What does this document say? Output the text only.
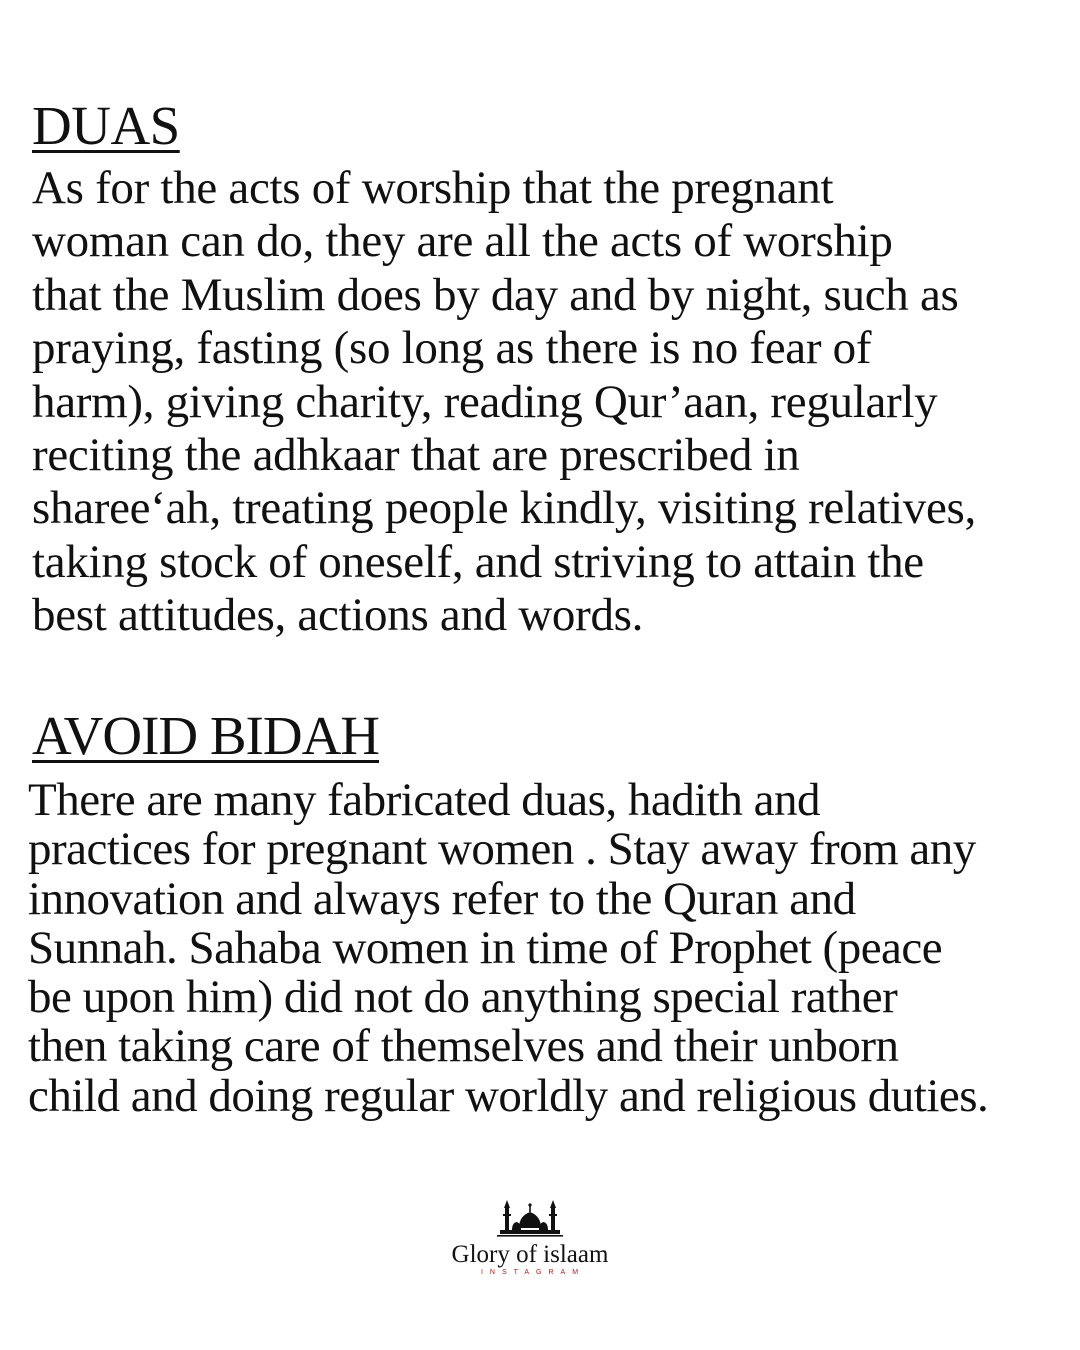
DUAS

As for the acts of worship that the pregnant
woman can do, they are all the acts of worship
that the Muslim does by day and by night, such as
praying, fasting (so long as there is no fear of
harm), giving charity, reading Qur’aan, regularly
reciting the adhkaar that are prescribed in
sharee‘ah, treating people kindly, visiting relatives,
taking stock of oneself, and striving to attain the
best attitudes, actions and words.

AVOID BIDAH

There are many fabricated duas, hadith and
practices for pregnant women . Stay away from any
innovation and always refer to the Quran and
Sunnah. Sahaba women in time of Prophet (peace
be upon him) did not do anything special rather
then taking care of themselves and their unborn
child and doing regular worldly and religious duties.

Glory of islaam
INSTAGRAM
